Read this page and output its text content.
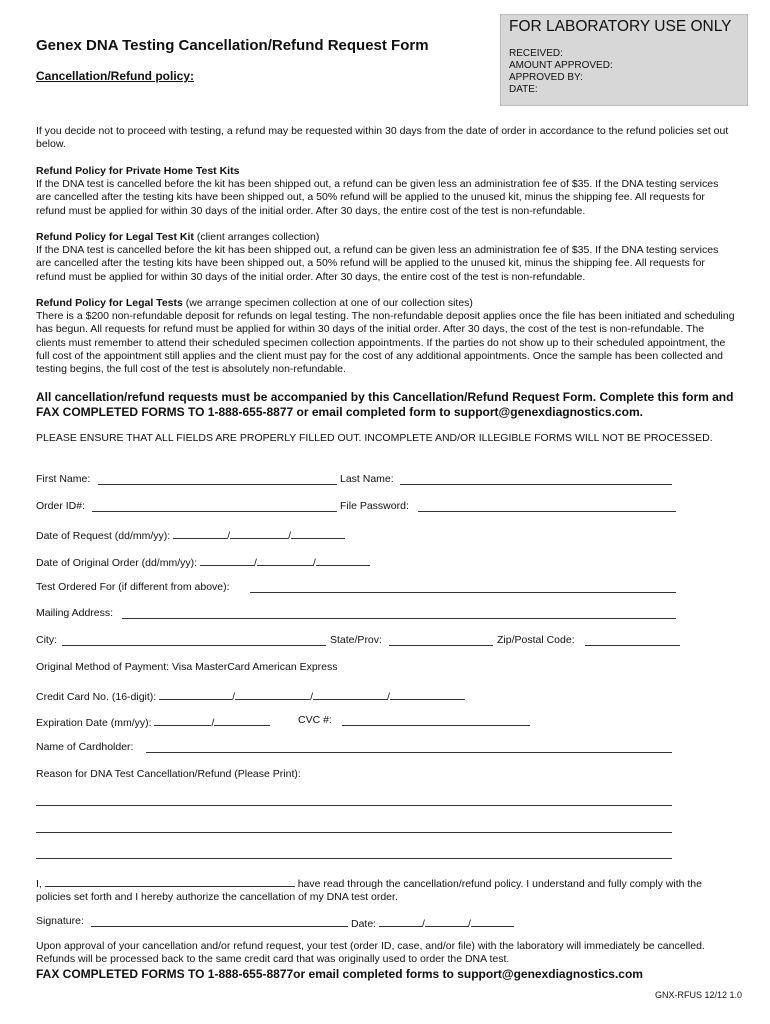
Genex DNA Testing Cancellation/Refund Request Form
Cancellation/Refund policy:
FOR LABORATORY USE ONLY
RECEIVED:
AMOUNT APPROVED:
APPROVED BY:
DATE:
If you decide not to proceed with testing, a refund may be requested within 30 days from the date of order in accordance to the refund policies set out below.
Refund Policy for Private Home Test Kits
If the DNA test is cancelled before the kit has been shipped out, a refund can be given less an administration fee of $35. If the DNA testing services are cancelled after the testing kits have been shipped out, a 50% refund will be applied to the unused kit, minus the shipping fee. All requests for refund must be applied for within 30 days of the initial order. After 30 days, the entire cost of the test is non-refundable.
Refund Policy for Legal Test Kit (client arranges collection)
If the DNA test is cancelled before the kit has been shipped out, a refund can be given less an administration fee of $35. If the DNA testing services are cancelled after the testing kits have been shipped out, a 50% refund will be applied to the unused kit, minus the shipping fee. All requests for refund must be applied for within 30 days of the initial order. After 30 days, the entire cost of the test is non-refundable.
Refund Policy for Legal Tests (we arrange specimen collection at one of our collection sites)
There is a $200 non-refundable deposit for refunds on legal testing. The non-refundable deposit applies once the file has been initiated and scheduling has begun. All requests for refund must be applied for within 30 days of the initial order. After 30 days, the cost of the test is non-refundable. The clients must remember to attend their scheduled specimen collection appointments. If the parties do not show up to their scheduled appointment, the full cost of the appointment still applies and the client must pay for the cost of any additional appointments. Once the sample has been collected and testing begins, the full cost of the test is absolutely non-refundable.
All cancellation/refund requests must be accompanied by this Cancellation/Refund Request Form. Complete this form and FAX COMPLETED FORMS TO 1-888-655-8877 or email completed form to support@genexdiagnostics.com.
PLEASE ENSURE THAT ALL FIELDS ARE PROPERLY FILLED OUT. INCOMPLETE AND/OR ILLEGIBLE FORMS WILL NOT BE PROCESSED.
First Name:	Last Name:
Order ID#:	File Password:
Date of Request (dd/mm/yy):	/	/
Date of Original Order (dd/mm/yy):	/	/
Test Ordered For (if different from above):
Mailing Address:
City:	State/Prov:	Zip/Postal Code:
Original Method of Payment: Visa MasterCard American Express
Credit Card No. (16-digit):	/	/	/
Expiration Date (mm/yy):	/	CVC #:
Name of Cardholder:
Reason for DNA Test Cancellation/Refund (Please Print):
I,	have read through the cancellation/refund policy. I understand and fully comply with the policies set forth and I hereby authorize the cancellation of my DNA test order.
Signature:	Date:	/	/
Upon approval of your cancellation and/or refund request, your test (order ID, case, and/or file) with the laboratory will immediately be cancelled. Refunds will be processed back to the same credit card that was originally used to order the DNA test.
FAX COMPLETED FORMS TO 1-888-655-8877or email completed forms to support@genexdiagnostics.com
GNX-RFUS 12/12 1.0
